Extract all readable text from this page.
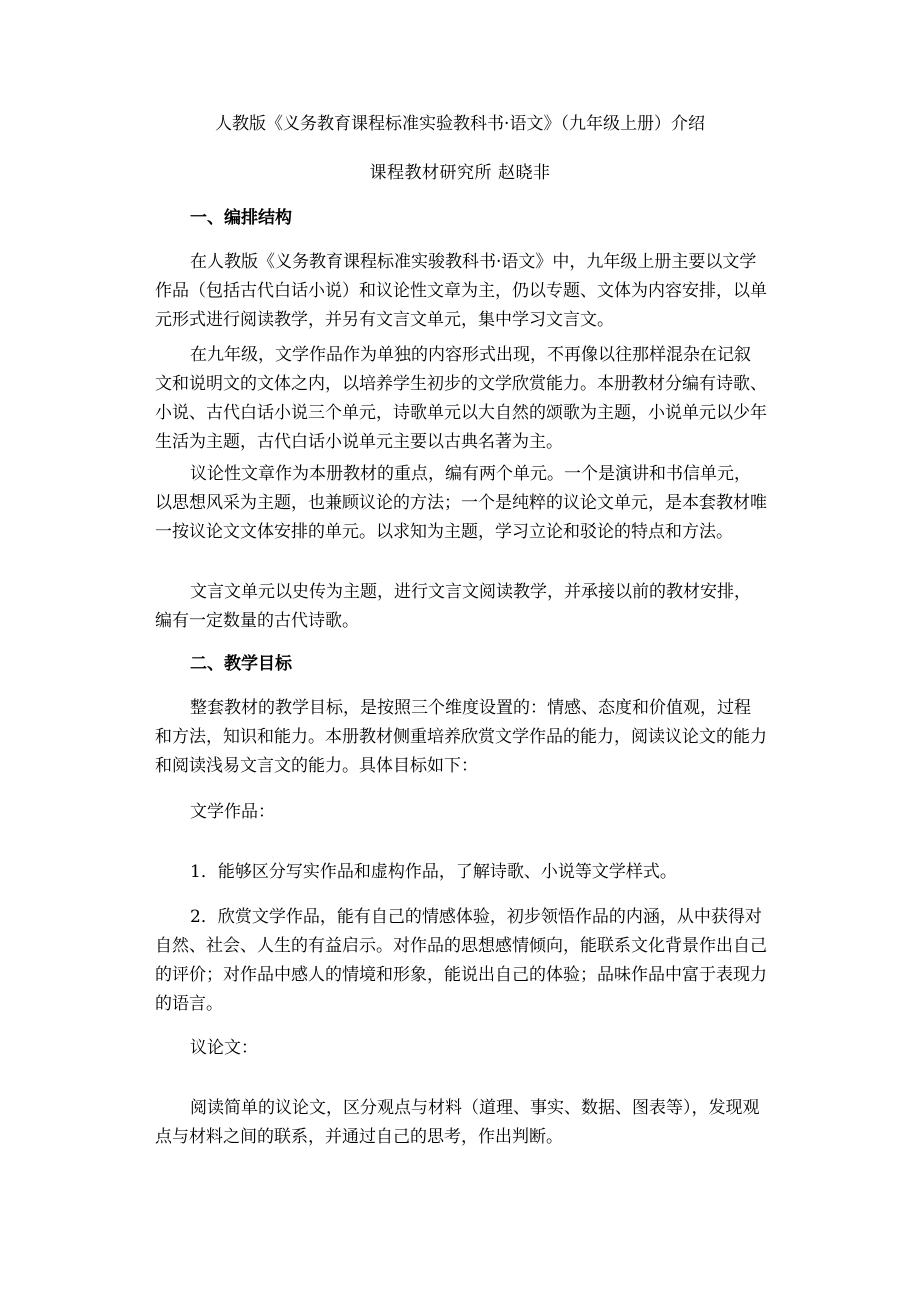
人教版《义务教育课程标准实验教科书·语文》（九年级上册）介绍
课程教材研究所 赵晓非
一、编排结构

在人教版《义务教育课程标准实骏教科书·语文》中，九年级上册主要以文学作品（包括古代白话小说）和议论性文章为主，仍以专题、文体为内容安排，以单元形式进行阅读教学，并另有文言文单元，集中学习文言文。

在九年级，文学作品作为单独的内容形式出现，不再像以往那样混杂在记叙文和说明文的文体之内，以培养学生初步的文学欣赏能力。本册教材分编有诗歌、小说、古代白话小说三个单元，诗歌单元以大自然的颂歌为主题，小说单元以少年生活为主题，古代白话小说单元主要以古典名著为主。

议论性文章作为本册教材的重点，编有两个单元。一个是演讲和书信单元，以思想风采为主题，也兼顾议论的方法；一个是纯粹的议论文单元，是本套教材唯一按议论文文体安排的单元。以求知为主题，学习立论和驳论的特点和方法。

文言文单元以史传为主题，进行文言文阅读教学，并承接以前的教材安排，编有一定数量的古代诗歌。

二、教学目标

整套教材的教学目标，是按照三个维度设置的：情感、态度和价值观，过程和方法，知识和能力。本册教材侧重培养欣赏文学作品的能力，阅读议论文的能力和阅读浅易文言文的能力。具体目标如下：

文学作品：

1．能够区分写实作品和虚构作品，了解诗歌、小说等文学样式。

2．欣赏文学作品，能有自己的情感体验，初步领悟作品的内涵，从中获得对自然、社会、人生的有益启示。对作品的思想感情倾向，能联系文化背景作出自己的评价；对作品中感人的情境和形象，能说出自己的体验；品味作品中富于表现力的语言。

议论文：

阅读简单的议论文，区分观点与材料（道理、事实、数据、图表等），发现观点与材料之间的联系，并通过自己的思考，作出判断。
